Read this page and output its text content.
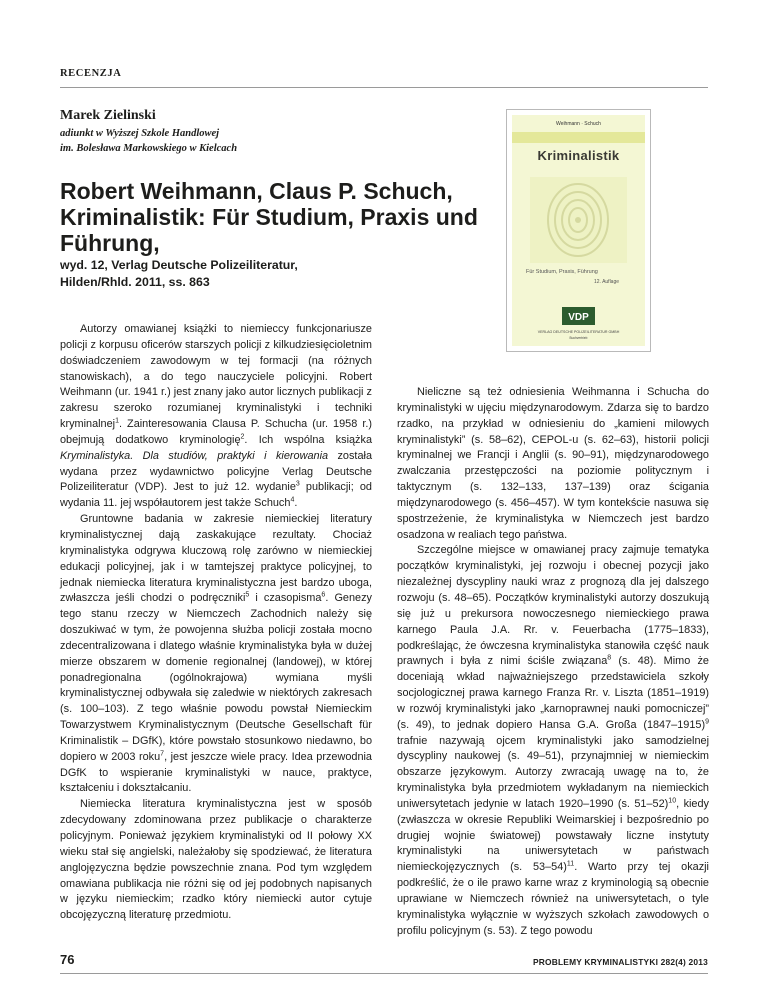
RECENZJA
Marek Zielinski
adiunkt w Wyższej Szkole Handlowej
im. Bolesława Markowskiego w Kielcach
Robert Weihmann, Claus P. Schuch,
Kriminalistik: Für Studium, Praxis und
Führung,
wyd. 12, Verlag Deutsche Polizeiliteratur,
Hilden/Rhld. 2011, ss. 863
Weihmann · Schuch
Kriminalistik
Für Studium, Praxis, Führung
12. Auflage
VDP
VERLAG DEUTSCHE POLIZEILITERATUR GMBH
Buchvertrieb

Autorzy omawianej książki to niemieccy funkcjonariusze policji z korpusu oficerów starszych policji z kilkudziesięcioletnim doświadczeniem zawodowym w tej formacji (na różnych stanowiskach), a do tego nauczyciele policyjni. Robert Weihmann (ur. 1941 r.) jest znany jako autor licznych publikacji z zakresu szeroko rozumianej kryminalistyki i techniki kryminalnej$^1$. Zainteresowania Clausa P. Schucha (ur. 1958 r.) obejmują dodatkowo kryminologię$^2$. Ich wspólna książka Kryminalistyka. Dla studiów, praktyki i kierowania została wydana przez wydawnictwo policyjne Verlag Deutsche Polizeiliteratur (VDP). Jest to już 12. wydanie$^3$ publikacji; od wydania 11. jej współautorem jest także Schuch$^4$.

Gruntowne badania w zakresie niemieckiej literatury kryminalistycznej dają zaskakujące rezultaty. Chociaż kryminalistyka odgrywa kluczową rolę zarówno w niemieckiej edukacji policyjnej, jak i w tamtejszej praktyce policyjnej, to jednak niemiecka literatura kryminalistyczna jest bardzo uboga, zwłaszcza jeśli chodzi o podręczniki$^5$ i czasopisma$^6$. Genezy tego stanu rzeczy w Niemczech Zachodnich należy się doszukiwać w tym, że powojenna służba policji została mocno zdecentralizowana i dlatego właśnie kryminalistyka była w dużej mierze obszarem w domenie regionalnej (landowej), w której ponadregionalna (ogólnokrajowa) wymiana myśli kryminalistycznej odbywała się zaledwie w niektórych zakresach (s. 100–103). Z tego właśnie powodu powstał Niemieckim Towarzystwem Kryminalistycznym (Deutsche Gesellschaft für Kriminalistik – DGfK), które powstało stosunkowo niedawno, bo dopiero w 2003 roku$^7$, jest jeszcze wiele pracy. Idea przewodnia DGfK to wspieranie kryminalistyki w nauce, praktyce, kształceniu i dokształcaniu.

Niemiecka literatura kryminalistyczna jest w sposób zdecydowany zdominowana przez publikacje o charakterze policyjnym. Ponieważ językiem kryminalistyki od II połowy XX wieku stał się angielski, należałoby się spodziewać, że literatura anglojęzyczna będzie powszechnie znana. Pod tym względem omawiana publikacja nie różni się od jej podobnych napisanych w języku niemieckim; rzadko który niemiecki autor cytuje obcojęzyczną literaturę przedmiotu.

Nieliczne są też odniesienia Weihmanna i Schucha do kryminalistyki w ujęciu międzynarodowym. Zdarza się to bardzo rzadko, na przykład w odniesieniu do „kamieni milowych kryminalistyki” (s. 58–62), CEPOL-u (s. 62–63), historii policji kryminalnej we Francji i Anglii (s. 90–91), międzynarodowego zwalczania przestępczości na poziomie politycznym i taktycznym (s. 132–133, 137–139) oraz ścigania międzynarodowego (s. 456–457). W tym kontekście nasuwa się spostrzeżenie, że kryminalistyka w Niemczech jest bardzo osadzona w realiach tego państwa.

Szczególne miejsce w omawianej pracy zajmuje tematyka początków kryminalistyki, jej rozwoju i obecnej pozycji jako niezależnej dyscypliny nauki wraz z prognozą dla jej dalszego rozwoju (s. 48–65). Początków kryminalistyki autorzy doszukują się już u prekursora nowoczesnego niemieckiego prawa karnego Paula J.A. Rr. v. Feuerbacha (1775–1833), podkreślając, że ówczesna kryminalistyka stanowiła część nauk prawnych i była z nimi ściśle związana$^8$ (s. 48). Mimo że doceniają wkład najważniejszego przedstawiciela szkoły socjologicznej prawa karnego Franza Rr. v. Liszta (1851–1919) w rozwój kryminalistyki jako „karnoprawnej nauki pomocniczej” (s. 49), to jednak dopiero Hansa G.A. Großa (1847–1915)$^9$ trafnie nazywają ojcem kryminalistyki jako samodzielnej dyscypliny naukowej (s. 49–51), przynajmniej w niemieckim obszarze językowym. Autorzy zwracają uwagę na to, że kryminalistyka była przedmiotem wykładanym na niemieckich uniwersytetach jedynie w latach 1920–1990 (s. 51–52)$^{10}$, kiedy (zwłaszcza w okresie Republiki Weimarskiej i bezpośrednio po drugiej wojnie światowej) powstawały liczne instytuty kryminalistyki na uniwersytetach w państwach niemieckojęzycznych (s. 53–54)$^{11}$. Warto przy tej okazji podkreślić, że o ile prawo karne wraz z kryminologią są obecnie uprawiane w Niemczech również na uniwersytetach, o tyle kryminalistyka wyłącznie w wyższych szkołach zawodowych o profilu policyjnym (s. 53). Z tego powodu

76	PROBLEMY KRYMINALISTYKI 282(4) 2013
